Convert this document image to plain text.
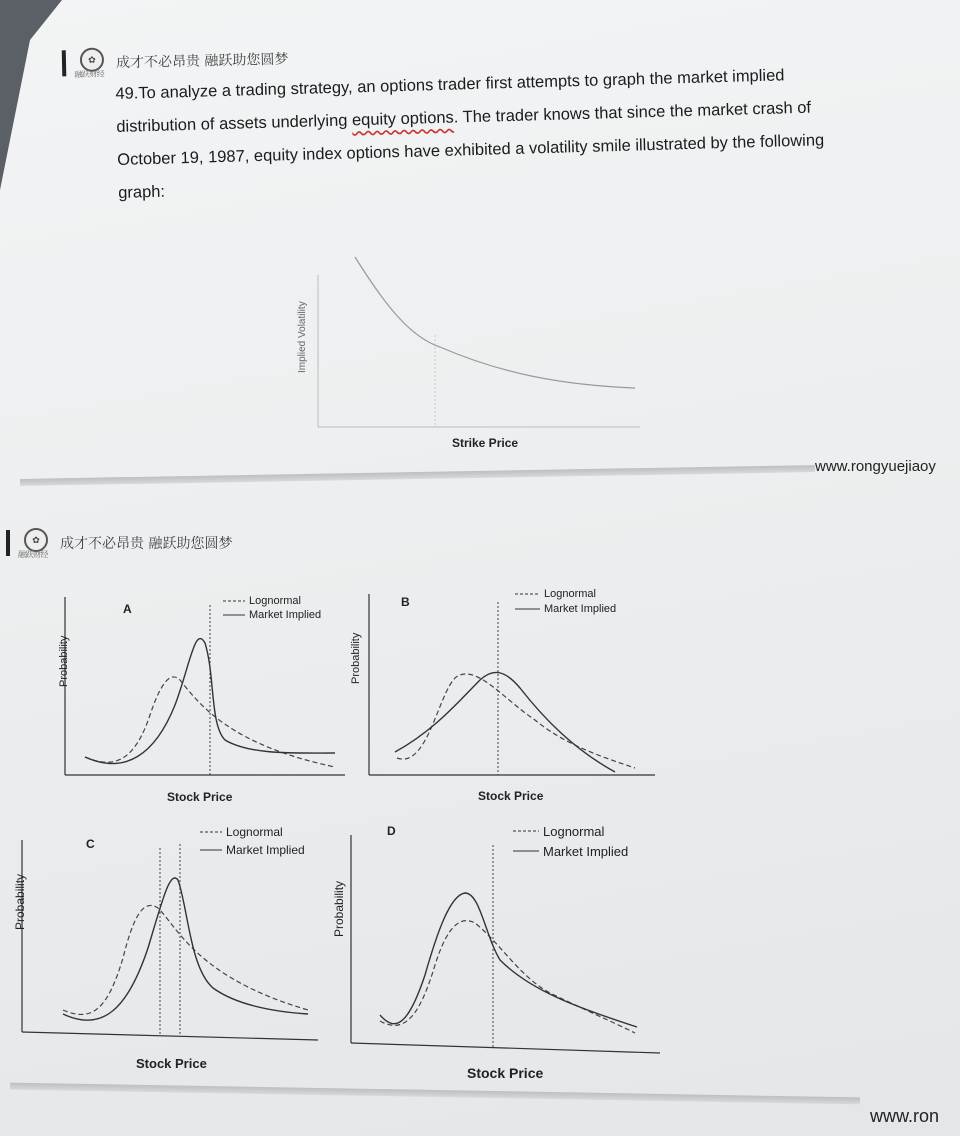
✿
融跃财经
成才不必昂贵 融跃助您圆梦
49.To analyze a trading strategy, an options trader first attempts to graph the market implied
distribution of assets underlying equity options. The trader knows that since the market crash of
October 19, 1987, equity index options have exhibited a volatility smile illustrated by the following
graph:
Implied Volatility
Strike Price
www.rongyuejiaoy
✿
融跃财经
成才不必昂贵 融跃助您圆梦
A
Lognormal
Market Implied
Probability
Stock Price
B
Lognormal
Market Implied
Probability
Stock Price
C
Lognormal
Market Implied
Probability
Stock Price
D	Lognormal
Market Implied
Probability
Stock Price
www.ron
